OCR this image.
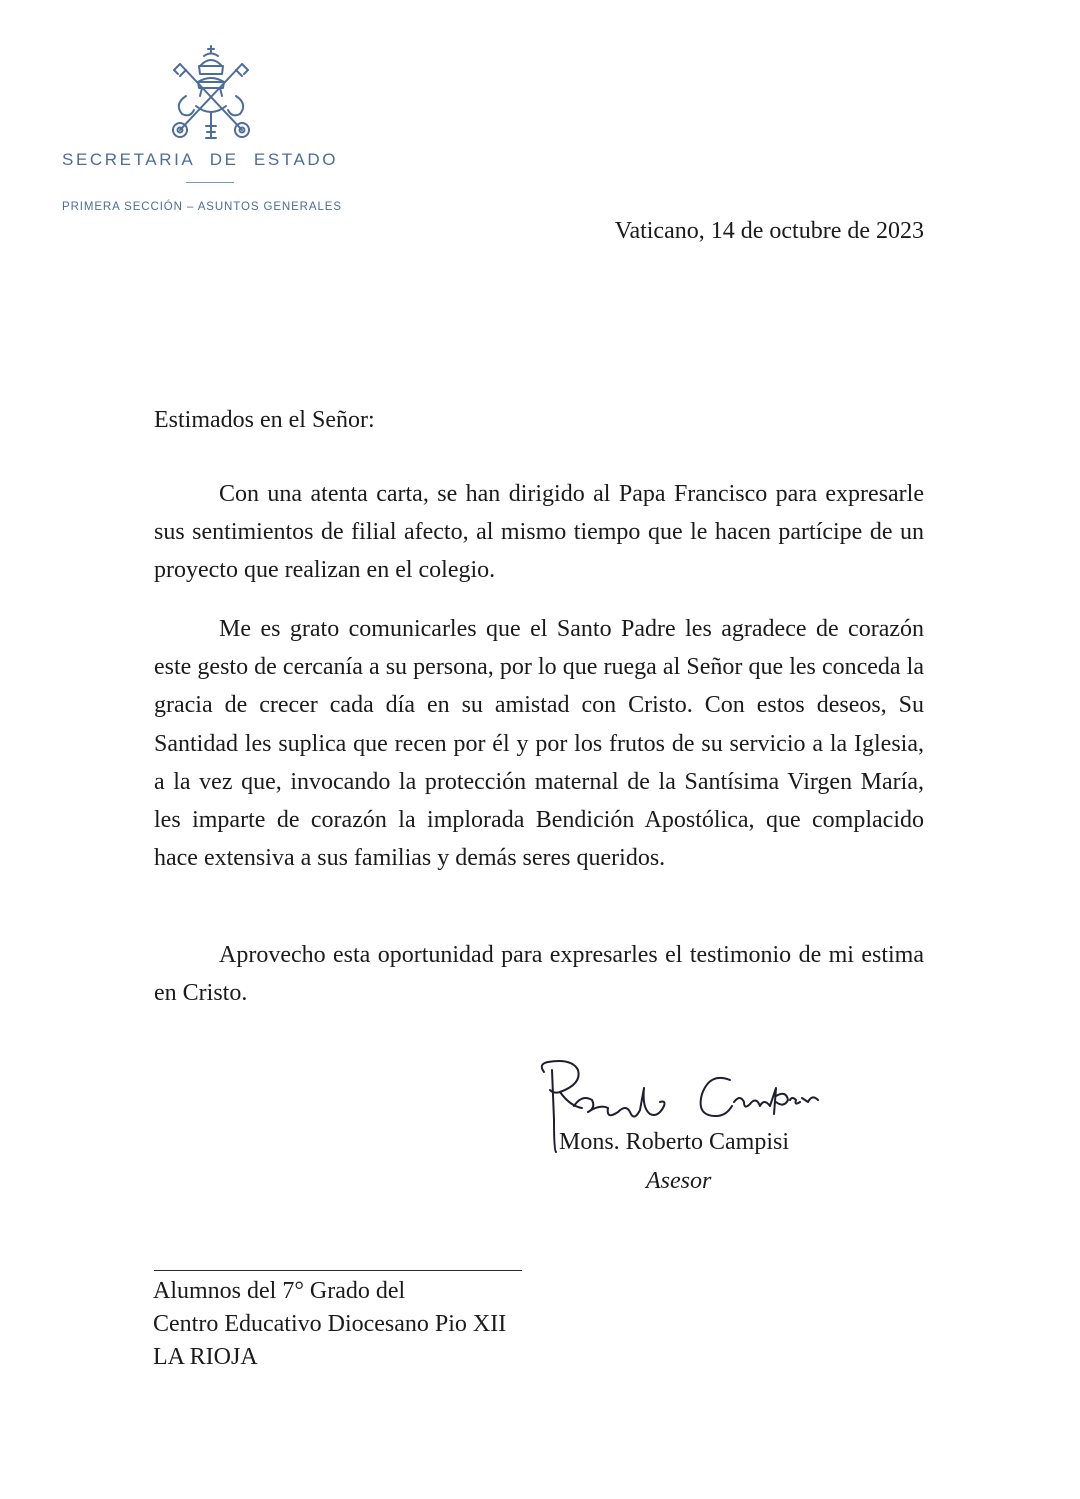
SECRETARIA DE ESTADO
PRIMERA SECCIÓN – ASUNTOS GENERALES
Vaticano, 14 de octubre de 2023
Estimados en el Señor:

Con una atenta carta, se han dirigido al Papa Francisco para expresarle sus sentimientos de filial afecto, al mismo tiempo que le hacen partícipe de un proyecto que realizan en el colegio.

Me es grato comunicarles que el Santo Padre les agradece de corazón este gesto de cercanía a su persona, por lo que ruega al Señor que les conceda la gracia de crecer cada día en su amistad con Cristo. Con estos deseos, Su Santidad les suplica que recen por él y por los frutos de su servicio a la Iglesia, a la vez que, invocando la protección maternal de la Santísima Virgen María, les imparte de corazón la implorada Bendición Apostólica, que complacido hace extensiva a sus familias y demás seres queridos.

Aprovecho esta oportunidad para expresarles el testimonio de mi estima en Cristo.

Mons. Roberto Campisi
Asesor
Alumnos del 7° Grado del
Centro Educativo Diocesano Pio XII
LA RIOJA
